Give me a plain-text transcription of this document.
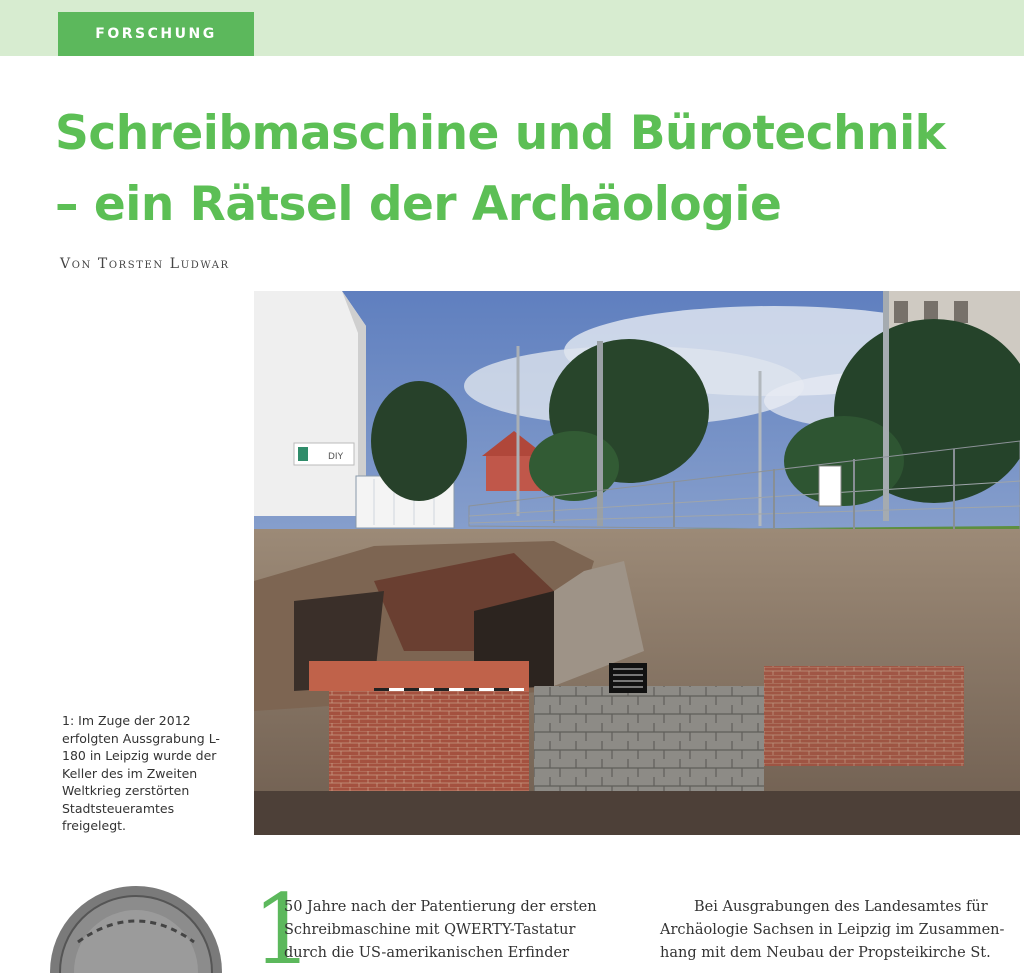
FORSCHUNG
Schreibmaschine und Bürotechnik
– ein Rätsel der Archäologie
Von Torsten Ludwar
DIY

1: Im Zuge der 2012 erfolgten Aussgrabung L-180 in Leipzig wurde der Keller des im Zweiten Weltkrieg zerstörten Stadtsteueramtes freigelegt.

1
50 Jahre nach der Patentierung der ersten
Schreibmaschine mit QWERTY-Tastatur
durch die US-amerikanischen Erfinder
Bei Ausgrabungen des Landesamtes für
Archäologie Sachsen in Leipzig im Zusammen-
hang mit dem Neubau der Propsteikirche St.
